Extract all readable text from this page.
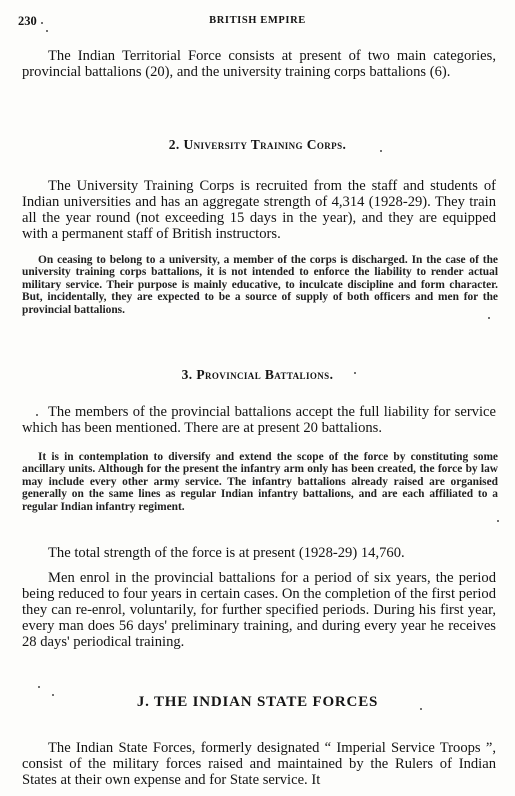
230	BRITISH EMPIRE

The Indian Territorial Force consists at present of two main categories, provincial battalions (20), and the university training corps battalions (6).

2. University Training Corps.

The University Training Corps is recruited from the staff and students of Indian universities and has an aggregate strength of 4,314 (1928-29). They train all the year round (not exceeding 15 days in the year), and they are equipped with a permanent staff of British instructors.

On ceasing to belong to a university, a member of the corps is discharged. In the case of the university training corps battalions, it is not intended to enforce the liability to render actual military service. Their purpose is mainly educative, to inculcate discipline and form character. But, incidentally, they are expected to be a source of supply of both officers and men for the provincial battalions.

3. Provincial Battalions.

The members of the provincial battalions accept the full liability for service which has been mentioned. There are at present 20 battalions.

It is in contemplation to diversify and extend the scope of the force by constituting some ancillary units. Although for the present the infantry arm only has been created, the force by law may include every other army service. The infantry battalions already raised are organised generally on the same lines as regular Indian infantry battalions, and are each affiliated to a regular Indian infantry regiment.

The total strength of the force is at present (1928-29) 14,760.

Men enrol in the provincial battalions for a period of six years, the period being reduced to four years in certain cases. On the completion of the first period they can re-enrol, voluntarily, for further specified periods. During his first year, every man does 56 days' preliminary training, and during every year he receives 28 days' periodical training.

J. THE INDIAN STATE FORCES

The Indian State Forces, formerly designated “ Imperial Service Troops ”, consist of the military forces raised and maintained by the Rulers of Indian States at their own expense and for State service. It
